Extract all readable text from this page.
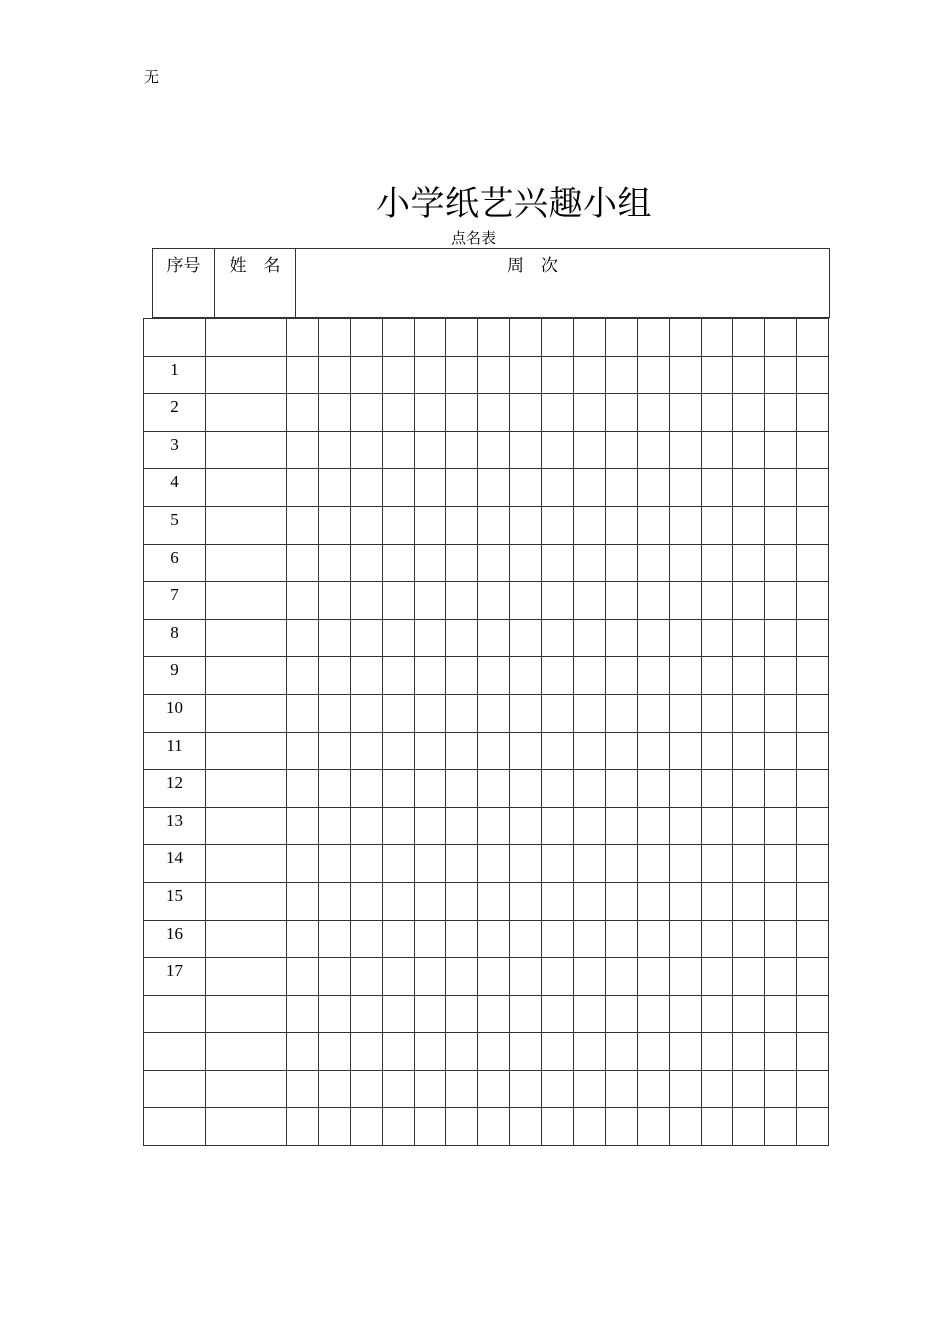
无
小学纸艺兴趣小组
点名表
序号	姓　名	周　次

1																		
2																		
3																		
4																		
5																		
6																		
7																		
8																		
9																		
10																		
11																		
12																		
13																		
14																		
15																		
16																		
17																		
